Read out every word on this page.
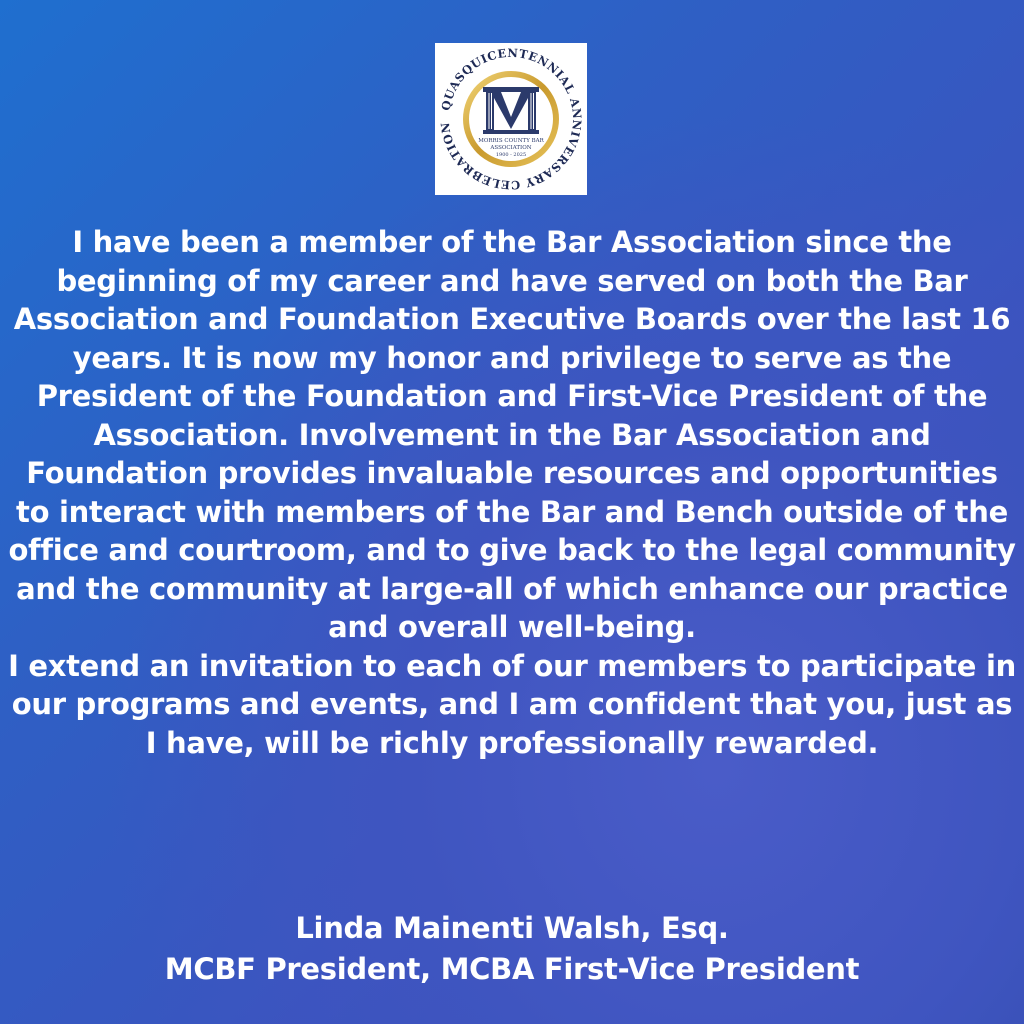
QUASQUICENTENNIAL ANNIVERSARY CELEBRATION
MORRIS COUNTY BAR
ASSOCIATION
1900 - 2025

I have been a member of the Bar Association since the beginning of my career and have served on both the Bar Association and Foundation Executive Boards over the last 16 years. It is now my honor and privilege to serve as the President of the Foundation and First-Vice President of the Association. Involvement in the Bar Association and Foundation provides invaluable resources and opportunities to interact with members of the Bar and Bench outside of the office and courtroom, and to give back to the legal community and the community at large-all of which enhance our practice and overall well-being.

I extend an invitation to each of our members to participate in our programs and events, and I am confident that you, just as I have, will be richly professionally rewarded.

Linda Mainenti Walsh, Esq.
MCBF President, MCBA First-Vice President
